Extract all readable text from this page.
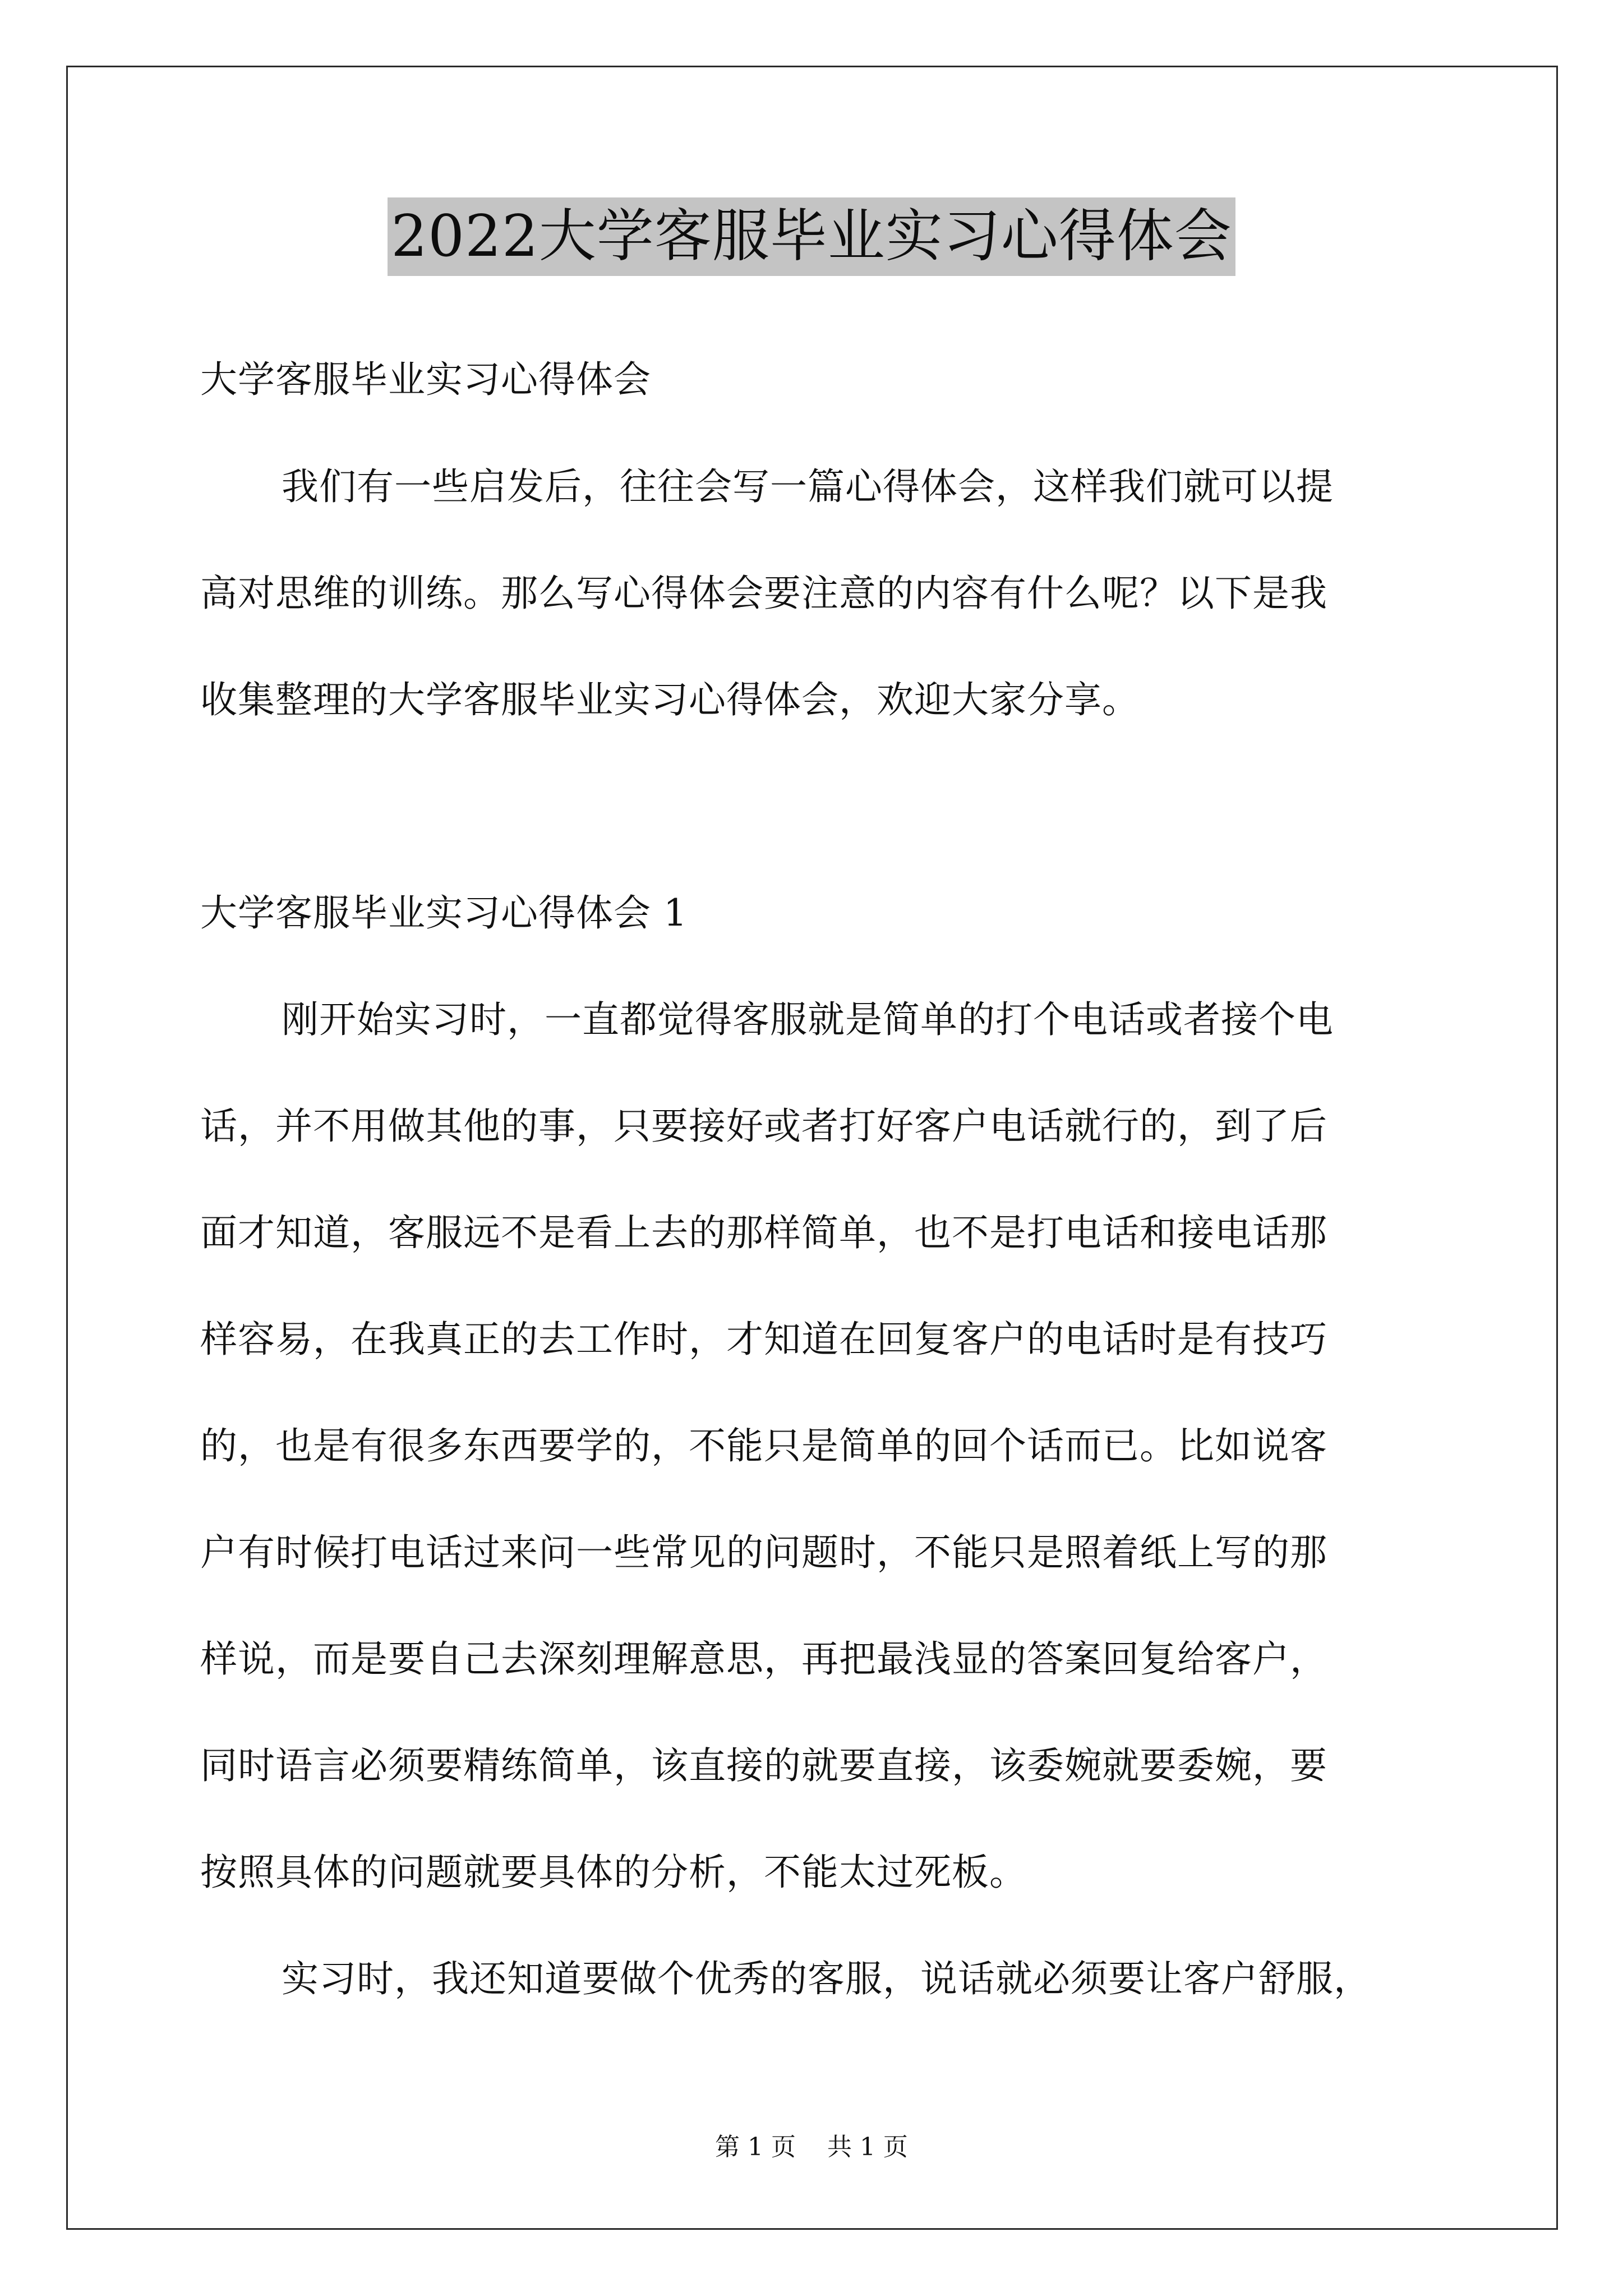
2022大学客服毕业实习心得体会
大学客服毕业实习心得体会
我们有一些启发后，往往会写一篇心得体会，这样我们就可以提
高对思维的训练。那么写心得体会要注意的内容有什么呢？以下是我
收集整理的大学客服毕业实习心得体会，欢迎大家分享。
大学客服毕业实习心得体会 1
刚开始实习时，一直都觉得客服就是简单的打个电话或者接个电
话，并不用做其他的事，只要接好或者打好客户电话就行的，到了后
面才知道，客服远不是看上去的那样简单，也不是打电话和接电话那
样容易，在我真正的去工作时，才知道在回复客户的电话时是有技巧
的，也是有很多东西要学的，不能只是简单的回个话而已。比如说客
户有时候打电话过来问一些常见的问题时，不能只是照着纸上写的那
样说，而是要自己去深刻理解意思，再把最浅显的答案回复给客户，
同时语言必须要精练简单，该直接的就要直接，该委婉就要委婉，要
按照具体的问题就要具体的分析，不能太过死板。
实习时，我还知道要做个优秀的客服，说话就必须要让客户舒服，
第 1 页 共 1 页
